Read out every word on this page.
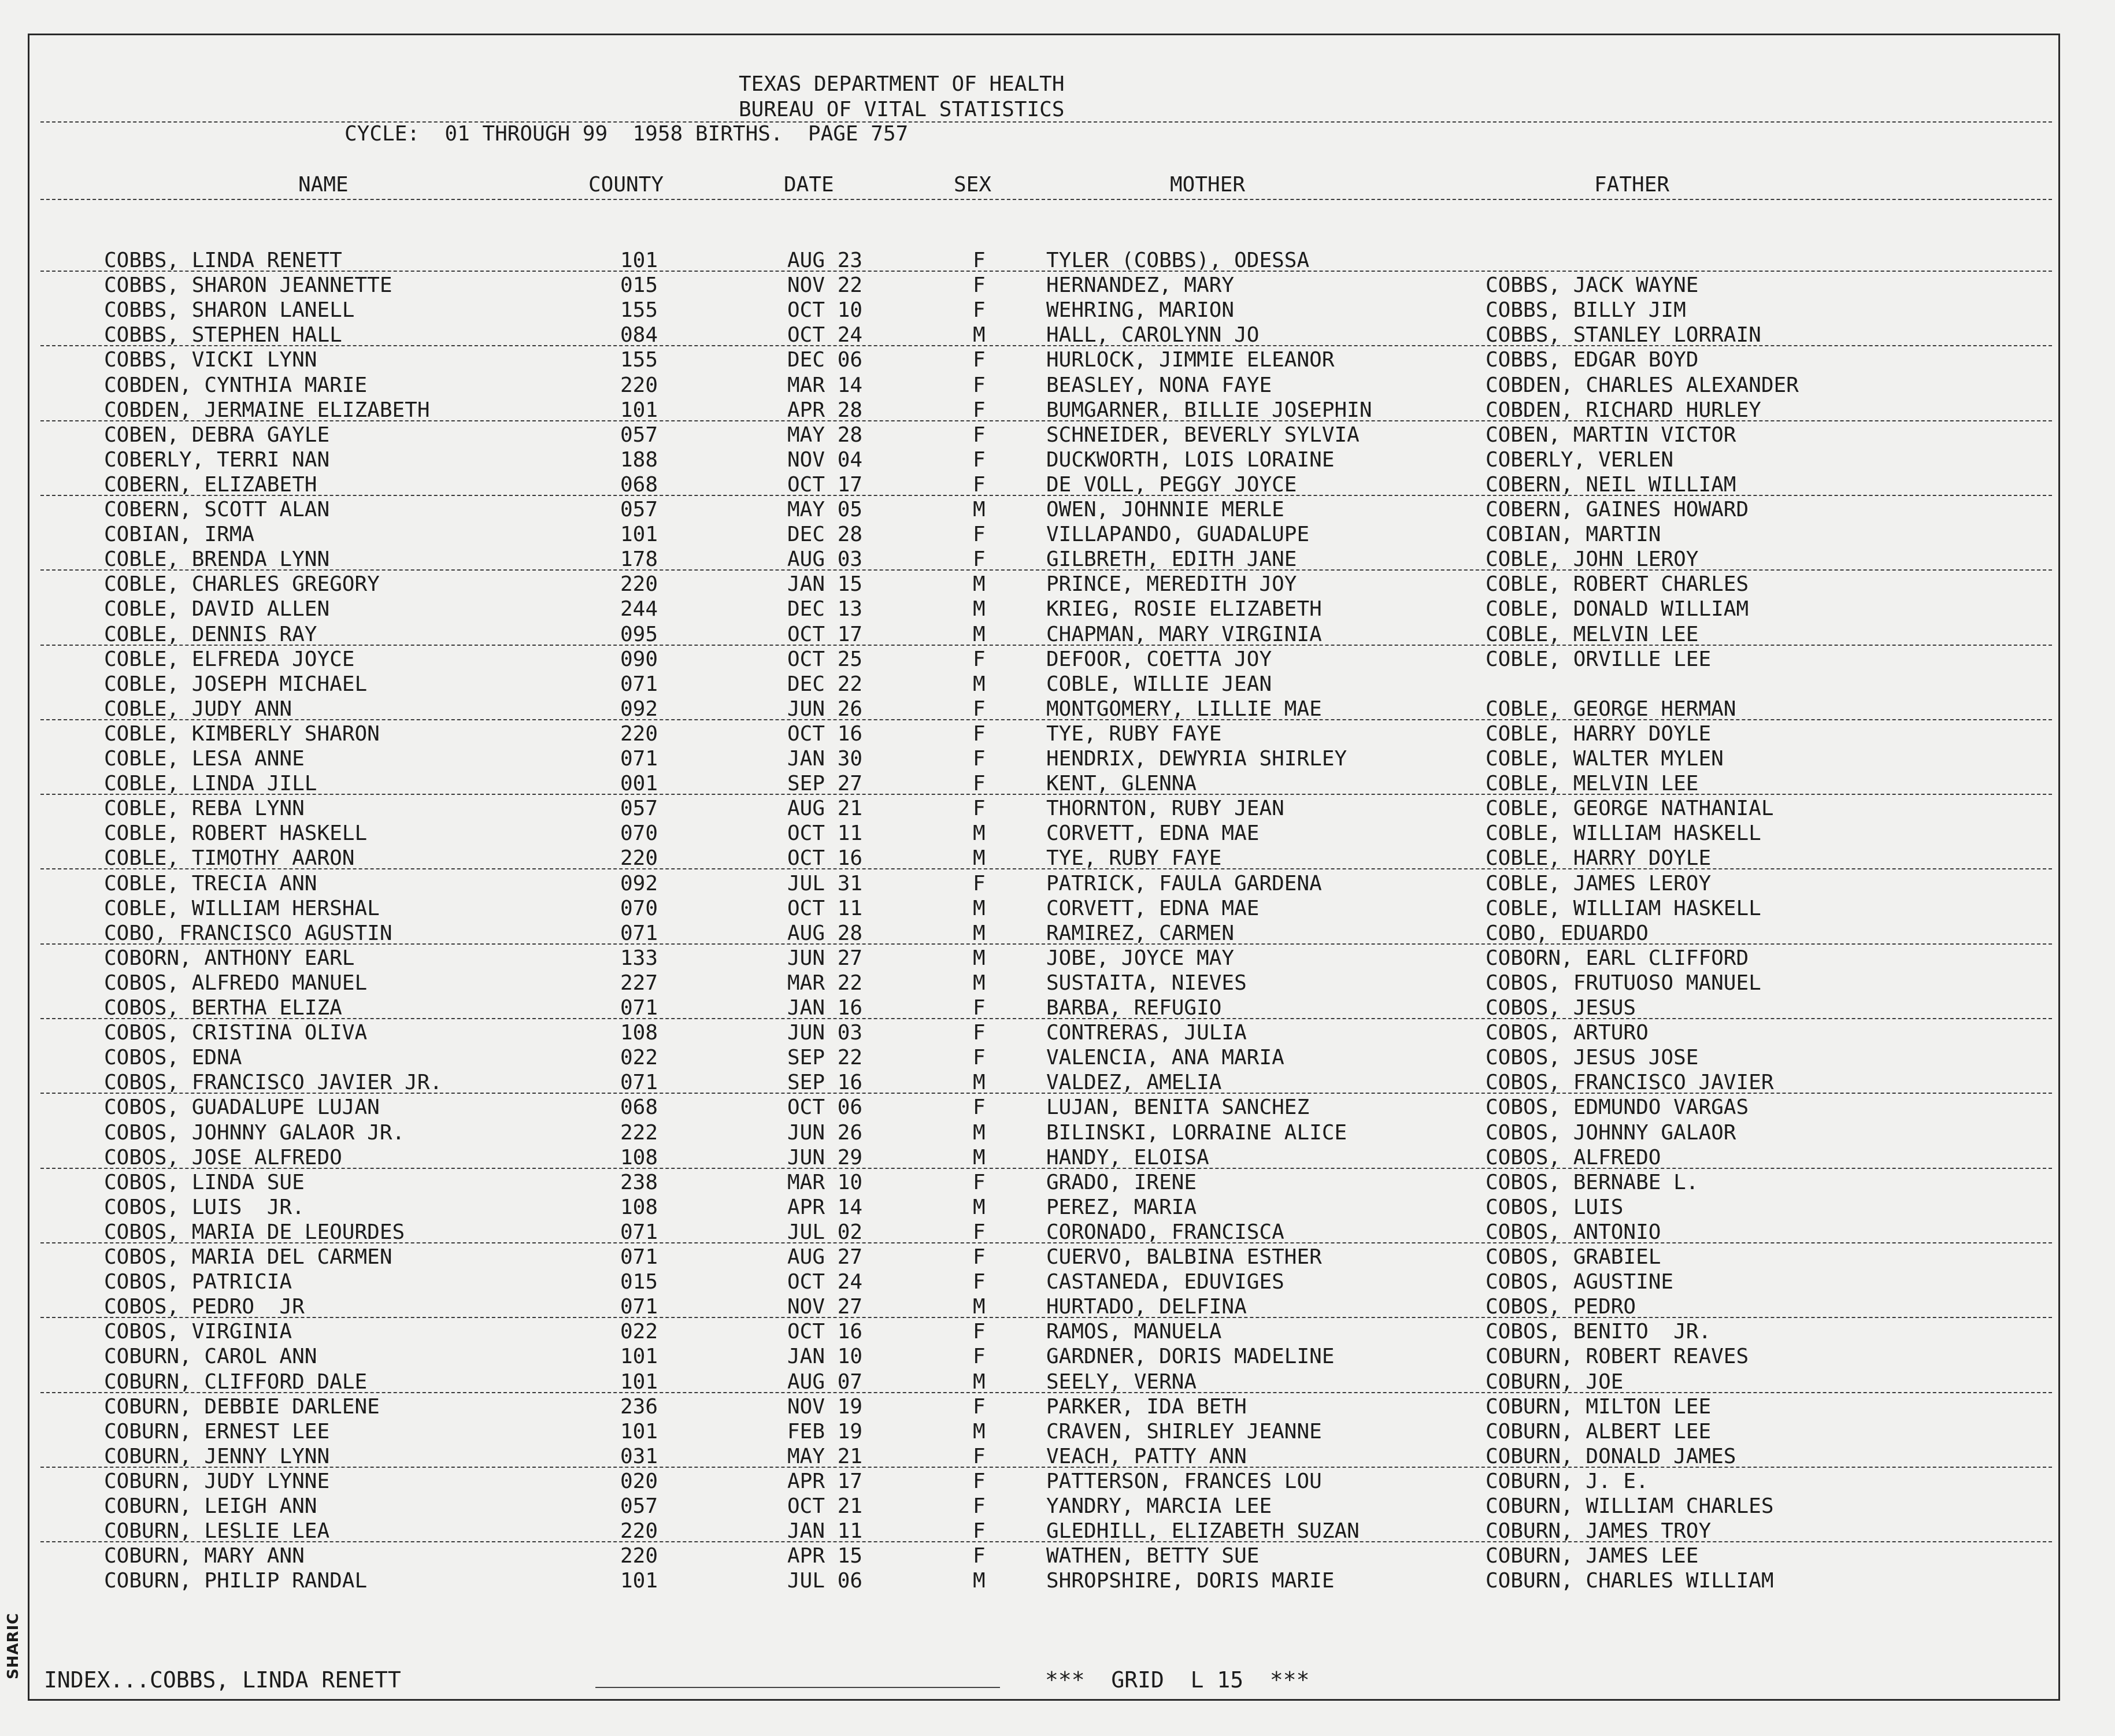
SHARIC
TEXAS DEPARTMENT OF HEALTH
BUREAU OF VITAL STATISTICS
CYCLE:  01 THROUGH 99  1958 BIRTHS.  PAGE 757
NAME	COUNTY	DATE	SEX	MOTHER	FATHER
COBBS, LINDA RENETT	101	AUG 23	F	TYLER (COBBS), ODESSA
COBBS, SHARON JEANNETTE	015	NOV 22	F	HERNANDEZ, MARY	COBBS, JACK WAYNE
COBBS, SHARON LANELL	155	OCT 10	F	WEHRING, MARION	COBBS, BILLY JIM
COBBS, STEPHEN HALL	084	OCT 24	M	HALL, CAROLYNN JO	COBBS, STANLEY LORRAIN
COBBS, VICKI LYNN	155	DEC 06	F	HURLOCK, JIMMIE ELEANOR	COBBS, EDGAR BOYD
COBDEN, CYNTHIA MARIE	220	MAR 14	F	BEASLEY, NONA FAYE	COBDEN, CHARLES ALEXANDER
COBDEN, JERMAINE ELIZABETH	101	APR 28	F	BUMGARNER, BILLIE JOSEPHIN	COBDEN, RICHARD HURLEY
COBEN, DEBRA GAYLE	057	MAY 28	F	SCHNEIDER, BEVERLY SYLVIA	COBEN, MARTIN VICTOR
COBERLY, TERRI NAN	188	NOV 04	F	DUCKWORTH, LOIS LORAINE	COBERLY, VERLEN
COBERN, ELIZABETH	068	OCT 17	F	DE VOLL, PEGGY JOYCE	COBERN, NEIL WILLIAM
COBERN, SCOTT ALAN	057	MAY 05	M	OWEN, JOHNNIE MERLE	COBERN, GAINES HOWARD
COBIAN, IRMA	101	DEC 28	F	VILLAPANDO, GUADALUPE	COBIAN, MARTIN
COBLE, BRENDA LYNN	178	AUG 03	F	GILBRETH, EDITH JANE	COBLE, JOHN LEROY
COBLE, CHARLES GREGORY	220	JAN 15	M	PRINCE, MEREDITH JOY	COBLE, ROBERT CHARLES
COBLE, DAVID ALLEN	244	DEC 13	M	KRIEG, ROSIE ELIZABETH	COBLE, DONALD WILLIAM
COBLE, DENNIS RAY	095	OCT 17	M	CHAPMAN, MARY VIRGINIA	COBLE, MELVIN LEE
COBLE, ELFREDA JOYCE	090	OCT 25	F	DEFOOR, COETTA JOY	COBLE, ORVILLE LEE
COBLE, JOSEPH MICHAEL	071	DEC 22	M	COBLE, WILLIE JEAN
COBLE, JUDY ANN	092	JUN 26	F	MONTGOMERY, LILLIE MAE	COBLE, GEORGE HERMAN
COBLE, KIMBERLY SHARON	220	OCT 16	F	TYE, RUBY FAYE	COBLE, HARRY DOYLE
COBLE, LESA ANNE	071	JAN 30	F	HENDRIX, DEWYRIA SHIRLEY	COBLE, WALTER MYLEN
COBLE, LINDA JILL	001	SEP 27	F	KENT, GLENNA	COBLE, MELVIN LEE
COBLE, REBA LYNN	057	AUG 21	F	THORNTON, RUBY JEAN	COBLE, GEORGE NATHANIAL
COBLE, ROBERT HASKELL	070	OCT 11	M	CORVETT, EDNA MAE	COBLE, WILLIAM HASKELL
COBLE, TIMOTHY AARON	220	OCT 16	M	TYE, RUBY FAYE	COBLE, HARRY DOYLE
COBLE, TRECIA ANN	092	JUL 31	F	PATRICK, FAULA GARDENA	COBLE, JAMES LEROY
COBLE, WILLIAM HERSHAL	070	OCT 11	M	CORVETT, EDNA MAE	COBLE, WILLIAM HASKELL
COBO, FRANCISCO AGUSTIN	071	AUG 28	M	RAMIREZ, CARMEN	COBO, EDUARDO
COBORN, ANTHONY EARL	133	JUN 27	M	JOBE, JOYCE MAY	COBORN, EARL CLIFFORD
COBOS, ALFREDO MANUEL	227	MAR 22	M	SUSTAITA, NIEVES	COBOS, FRUTUOSO MANUEL
COBOS, BERTHA ELIZA	071	JAN 16	F	BARBA, REFUGIO	COBOS, JESUS
COBOS, CRISTINA OLIVA	108	JUN 03	F	CONTRERAS, JULIA	COBOS, ARTURO
COBOS, EDNA	022	SEP 22	F	VALENCIA, ANA MARIA	COBOS, JESUS JOSE
COBOS, FRANCISCO JAVIER JR.	071	SEP 16	M	VALDEZ, AMELIA	COBOS, FRANCISCO JAVIER
COBOS, GUADALUPE LUJAN	068	OCT 06	F	LUJAN, BENITA SANCHEZ	COBOS, EDMUNDO VARGAS
COBOS, JOHNNY GALAOR JR.	222	JUN 26	M	BILINSKI, LORRAINE ALICE	COBOS, JOHNNY GALAOR
COBOS, JOSE ALFREDO	108	JUN 29	M	HANDY, ELOISA	COBOS, ALFREDO
COBOS, LINDA SUE	238	MAR 10	F	GRADO, IRENE	COBOS, BERNABE L.
COBOS, LUIS  JR.	108	APR 14	M	PEREZ, MARIA	COBOS, LUIS
COBOS, MARIA DE LEOURDES	071	JUL 02	F	CORONADO, FRANCISCA	COBOS, ANTONIO
COBOS, MARIA DEL CARMEN	071	AUG 27	F	CUERVO, BALBINA ESTHER	COBOS, GRABIEL
COBOS, PATRICIA	015	OCT 24	F	CASTANEDA, EDUVIGES	COBOS, AGUSTINE
COBOS, PEDRO  JR	071	NOV 27	M	HURTADO, DELFINA	COBOS, PEDRO
COBOS, VIRGINIA	022	OCT 16	F	RAMOS, MANUELA	COBOS, BENITO  JR.
COBURN, CAROL ANN	101	JAN 10	F	GARDNER, DORIS MADELINE	COBURN, ROBERT REAVES
COBURN, CLIFFORD DALE	101	AUG 07	M	SEELY, VERNA	COBURN, JOE
COBURN, DEBBIE DARLENE	236	NOV 19	F	PARKER, IDA BETH	COBURN, MILTON LEE
COBURN, ERNEST LEE	101	FEB 19	M	CRAVEN, SHIRLEY JEANNE	COBURN, ALBERT LEE
COBURN, JENNY LYNN	031	MAY 21	F	VEACH, PATTY ANN	COBURN, DONALD JAMES
COBURN, JUDY LYNNE	020	APR 17	F	PATTERSON, FRANCES LOU	COBURN, J. E.
COBURN, LEIGH ANN	057	OCT 21	F	YANDRY, MARCIA LEE	COBURN, WILLIAM CHARLES
COBURN, LESLIE LEA	220	JAN 11	F	GLEDHILL, ELIZABETH SUZAN	COBURN, JAMES TROY
COBURN, MARY ANN	220	APR 15	F	WATHEN, BETTY SUE	COBURN, JAMES LEE
COBURN, PHILIP RANDAL	101	JUL 06	M	SHROPSHIRE, DORIS MARIE	COBURN, CHARLES WILLIAM
INDEX...COBBS, LINDA RENETT	***  GRID  L 15  ***
